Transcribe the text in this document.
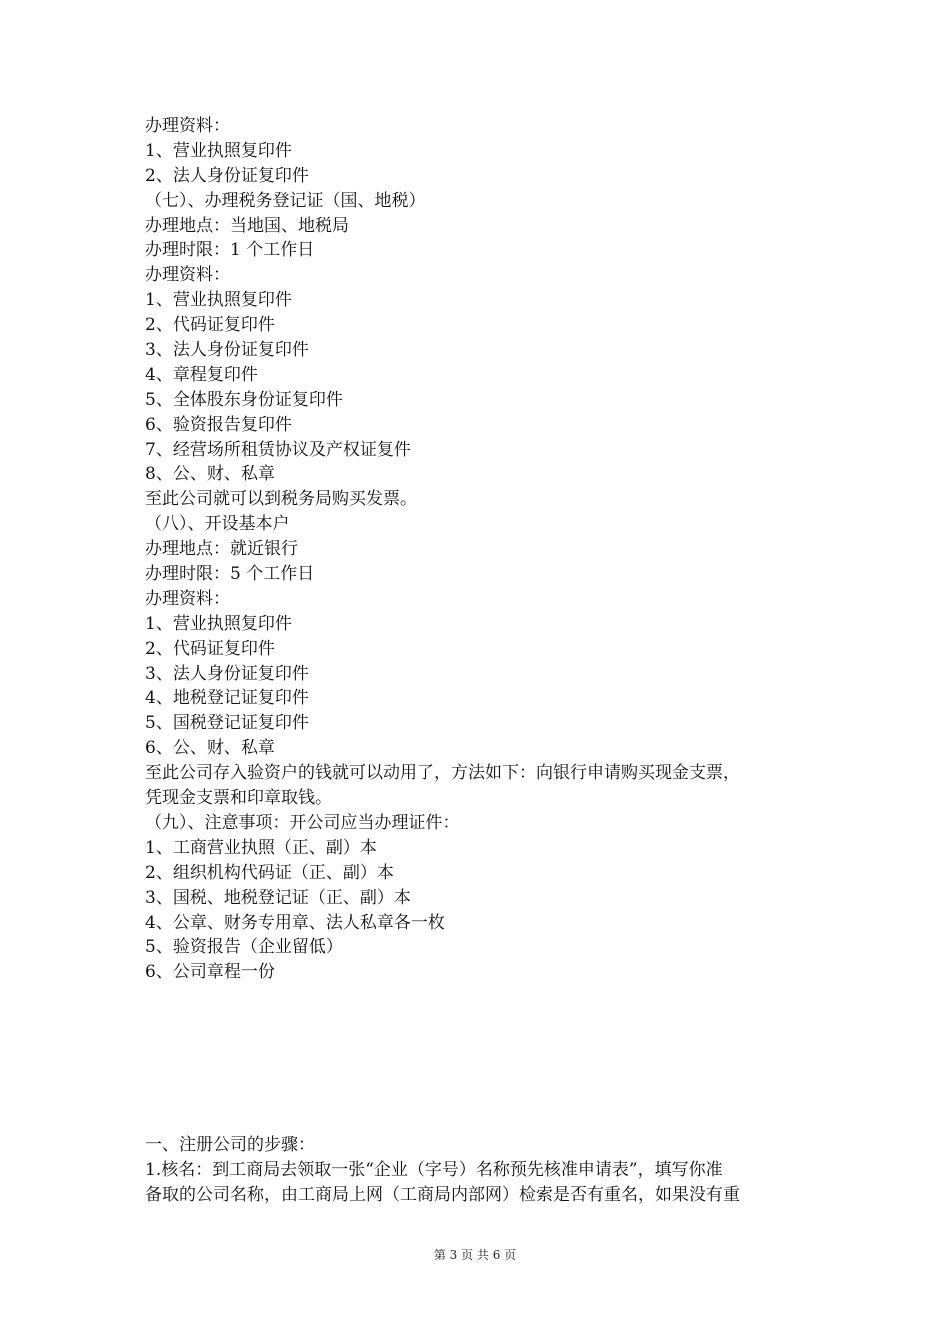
办理资料：
1、营业执照复印件
2、法人身份证复印件
（七）、办理税务登记证（国、地税）
办理地点：当地国、地税局
办理时限：1 个工作日
办理资料：
1、营业执照复印件
2、代码证复印件
3、法人身份证复印件
4、章程复印件
5、全体股东身份证复印件
6、验资报告复印件
7、经营场所租赁协议及产权证复件
8、公、财、私章
至此公司就可以到税务局购买发票。
（八）、开设基本户
办理地点：就近银行
办理时限：5 个工作日
办理资料：
1、营业执照复印件
2、代码证复印件
3、法人身份证复印件
4、地税登记证复印件
5、国税登记证复印件
6、公、财、私章
至此公司存入验资户的钱就可以动用了，方法如下：向银行申请购买现金支票，
凭现金支票和印章取钱。
（九）、注意事项：开公司应当办理证件：
1、工商营业执照（正、副）本
2、组织机构代码证（正、副）本
3、国税、地税登记证（正、副）本
4、公章、财务专用章、法人私章各一枚
5、验资报告（企业留低）
6、公司章程一份
一、注册公司的步骤：
1.核名：到工商局去领取一张“企业（字号）名称预先核准申请表”，填写你准
备取的公司名称，由工商局上网（工商局内部网）检索是否有重名，如果没有重
第 3 页 共 6 页
